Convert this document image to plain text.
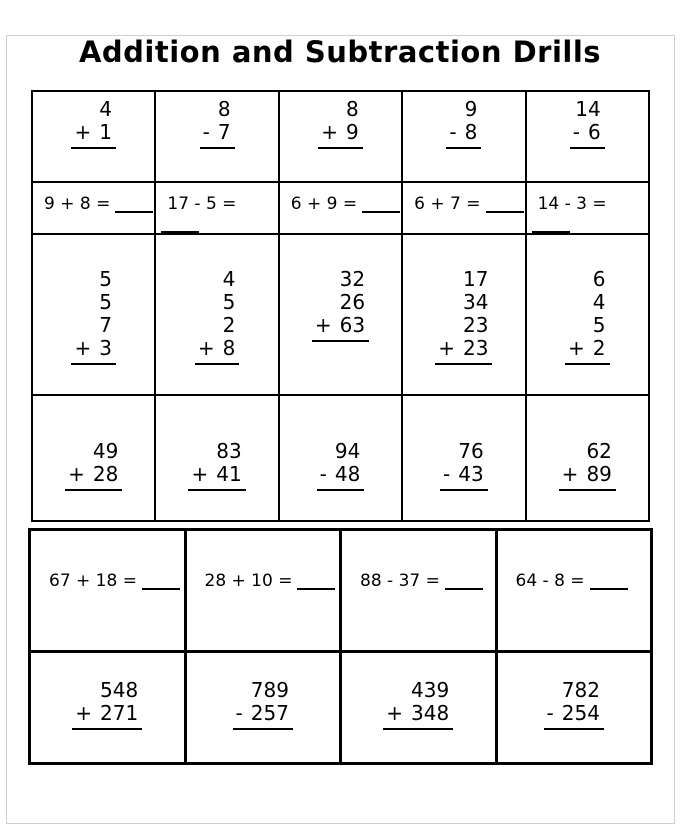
Addition and Subtraction Drills
4
+ 1

8
- 7

8
+ 9

9
- 8

14
- 6

9 + 8 =	17 - 5 =	6 + 9 =	6 + 7 =	14 - 3 =

5
5
7
+ 3

4
5
2
+ 8

32
26
+ 63

17
34
23
+ 23

6
4
5
+ 2

49
+ 28

83
+ 41

94
- 48

76
- 43

62
+ 89
67 + 18 =	28 + 10 =	88 - 37 =	64 - 8 =

548
+ 271

789
- 257

439
+ 348

782
- 254
